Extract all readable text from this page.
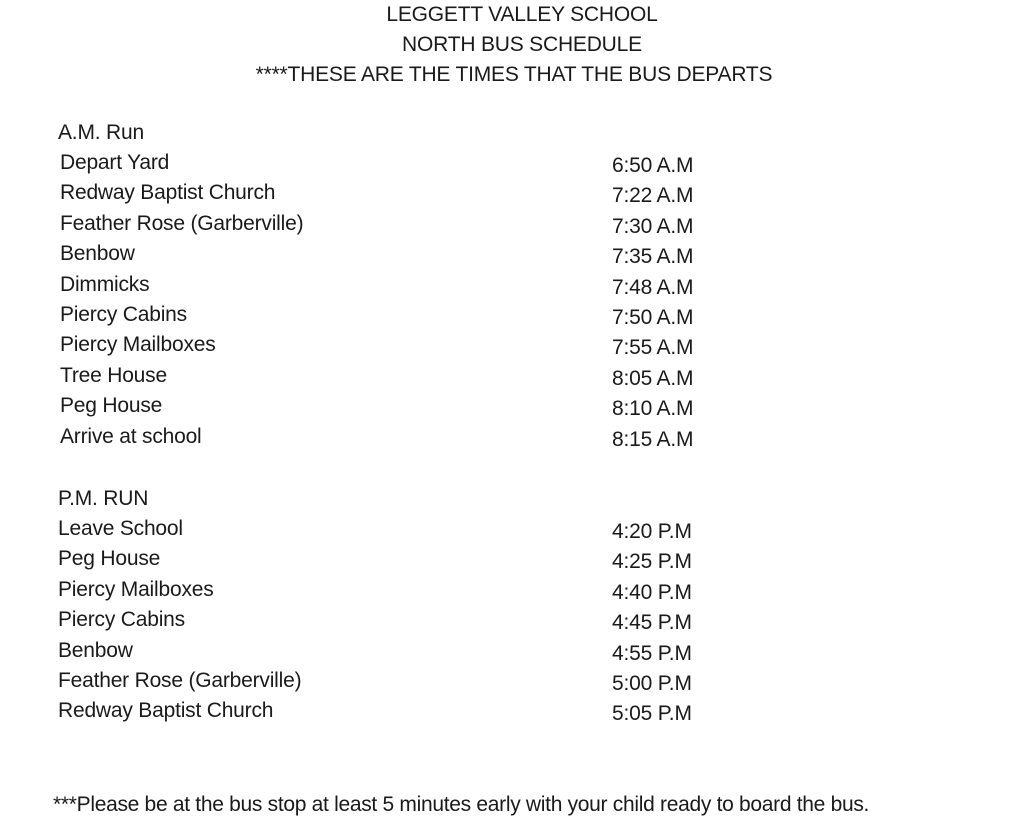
LEGGETT VALLEY SCHOOL
NORTH BUS SCHEDULE
****THESE ARE THE TIMES THAT THE BUS DEPARTS
A.M. Run
Depart Yard	6:50 A.M
Redway Baptist Church	7:22 A.M
Feather Rose (Garberville)	7:30 A.M
Benbow	7:35 A.M
Dimmicks	7:48 A.M
Piercy Cabins	7:50 A.M
Piercy Mailboxes	7:55 A.M
Tree House	8:05 A.M
Peg House	8:10 A.M
Arrive at school	8:15 A.M
P.M. RUN
Leave School	4:20 P.M
Peg House	4:25 P.M
Piercy Mailboxes	4:40 P.M
Piercy Cabins	4:45 P.M
Benbow	4:55 P.M
Feather Rose (Garberville)	5:00 P.M
Redway Baptist Church	5:05 P.M
***Please be at the bus stop at least 5 minutes early with your child ready to board the bus.
